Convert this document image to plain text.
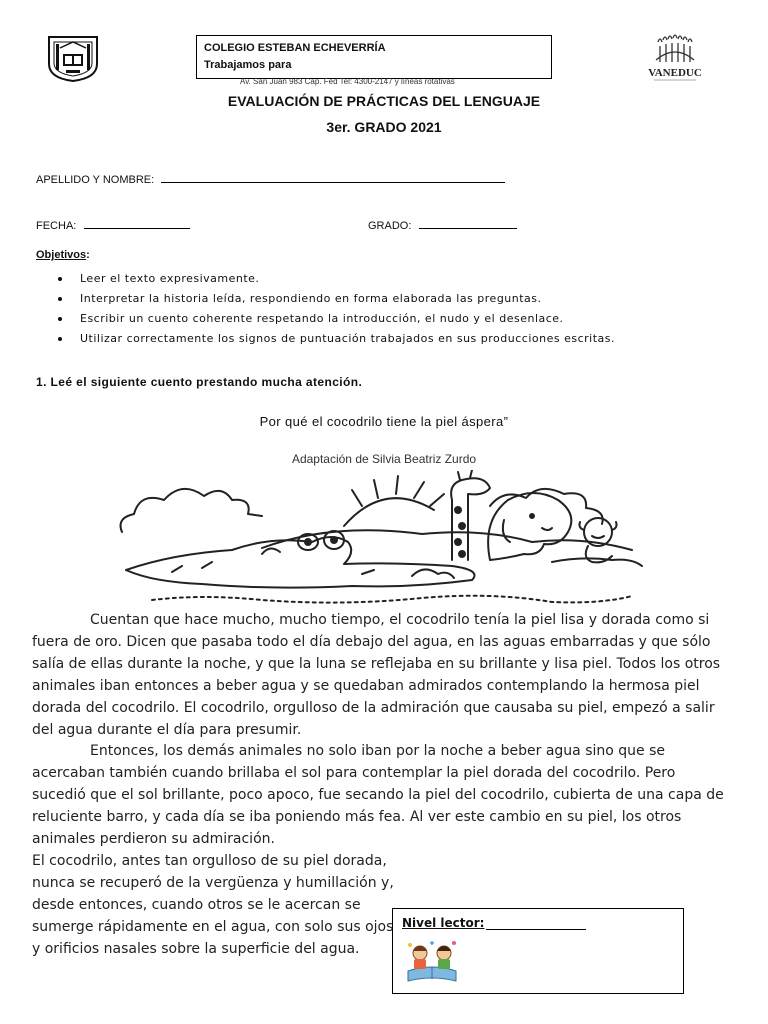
COLEGIO ESTEBAN ECHEVERRÍA
Trabajamos para
Av. San Juan 983 Cap. Fed Tel: 4300-2147 y líneas rotativas
VANEDUC
EVALUACIÓN DE PRÁCTICAS DEL LENGUAJE
3er. GRADO 2021
APELLIDO Y NOMBRE:
FECHA:	GRADO:
Objetivos:
Leer el texto expresivamente.
Interpretar la historia leída, respondiendo en forma elaborada las preguntas.
Escribir un cuento coherente respetando la introducción, el nudo y el desenlace.
Utilizar correctamente los signos de puntuación trabajados en sus producciones escritas.
1. Leé el siguiente cuento prestando mucha atención.
Por qué el cocodrilo tiene la piel áspera”
Adaptación de Silvia Beatriz Zurdo

Cuentan que hace mucho, mucho tiempo, el cocodrilo tenía la piel lisa y dorada como si fuera de oro. Dicen que pasaba todo el día debajo del agua, en las aguas embarradas y que sólo salía de ellas durante la noche, y que la luna se reflejaba en su brillante y lisa piel. Todos los otros animales iban entonces a beber agua y se quedaban admirados contemplando la hermosa piel dorada del cocodrilo. El cocodrilo, orgulloso de la admiración que causaba su piel, empezó a salir del agua durante el día para presumir.

Entonces, los demás animales no solo iban por la noche a beber agua sino que se acercaban también cuando brillaba el sol para contemplar la piel dorada del cocodrilo. Pero sucedió que el sol brillante, poco apoco, fue secando la piel del cocodrilo, cubierta de una capa de reluciente barro, y cada día se iba poniendo más fea. Al ver este cambio en su piel, los otros animales perdieron su admiración.

El cocodrilo, antes tan orgulloso de su piel dorada, nunca se recuperó de la vergüenza y humillación y, desde entonces, cuando otros se le acercan se sumerge rápidamente en el agua, con solo sus ojos y orificios nasales sobre la superficie del agua.

Nivel lector:
